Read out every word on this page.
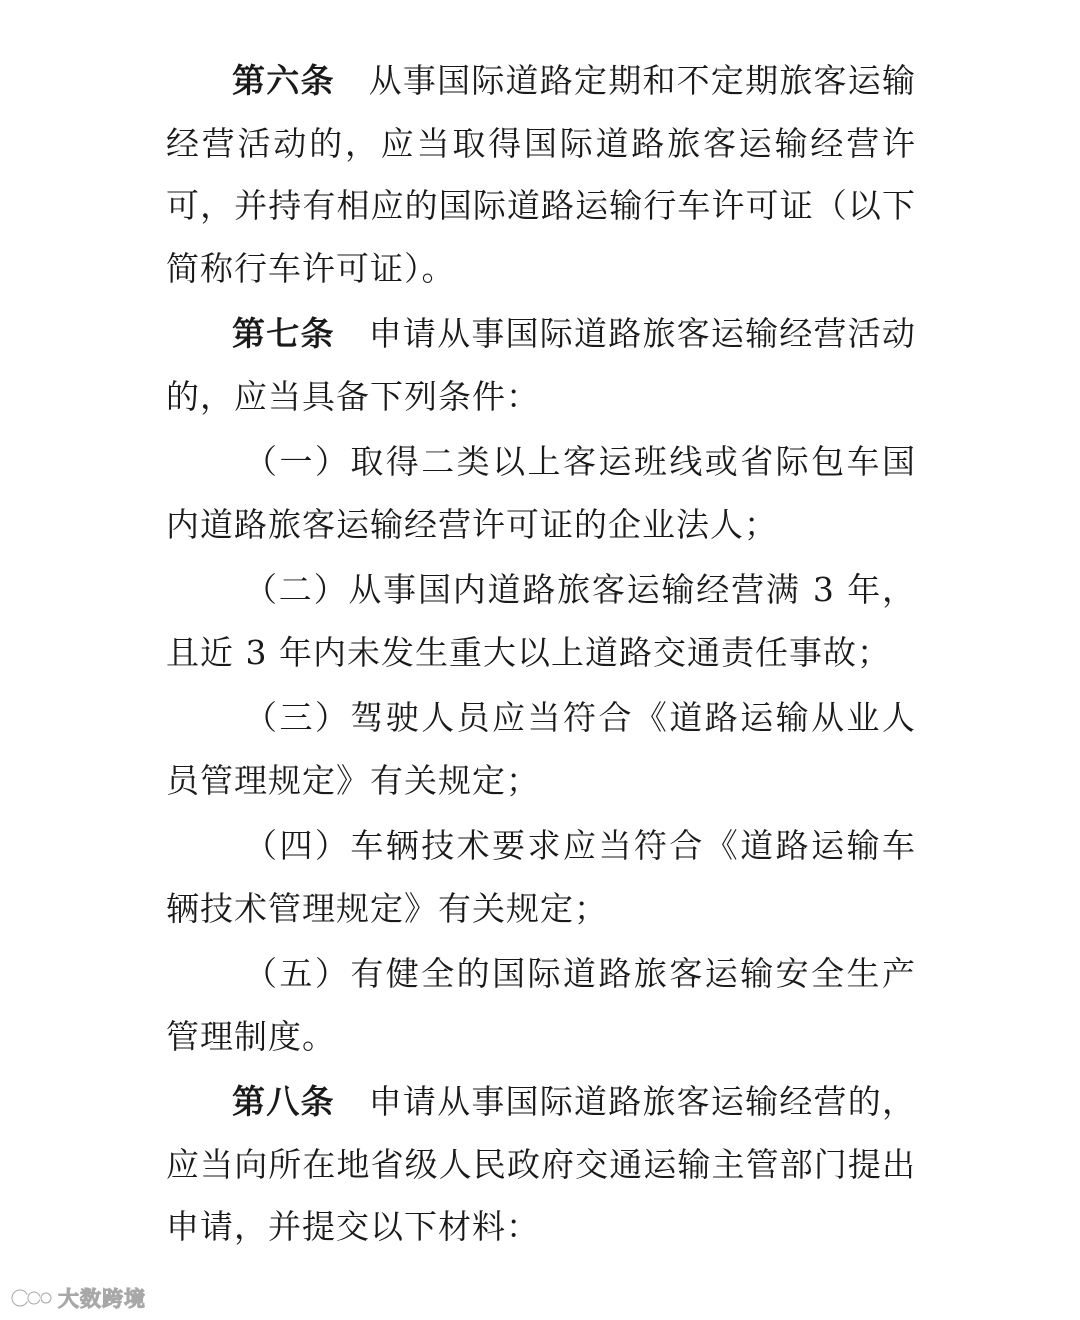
第六条 从事国际道路定期和不定期旅客运输经营活动的，应当取得国际道路旅客运输经营许可，并持有相应的国际道路运输行车许可证（以下简称行车许可证）。

第七条 申请从事国际道路旅客运输经营活动的，应当具备下列条件：

（一）取得二类以上客运班线或省际包车国内道路旅客运输经营许可证的企业法人；

（二）从事国内道路旅客运输经营满 3 年，且近 3 年内未发生重大以上道路交通责任事故；

（三）驾驶人员应当符合《道路运输从业人员管理规定》有关规定；

（四）车辆技术要求应当符合《道路运输车辆技术管理规定》有关规定；

（五）有健全的国际道路旅客运输安全生产管理制度。

第八条 申请从事国际道路旅客运输经营的，应当向所在地省级人民政府交通运输主管部门提出申请，并提交以下材料：

大数跨境
